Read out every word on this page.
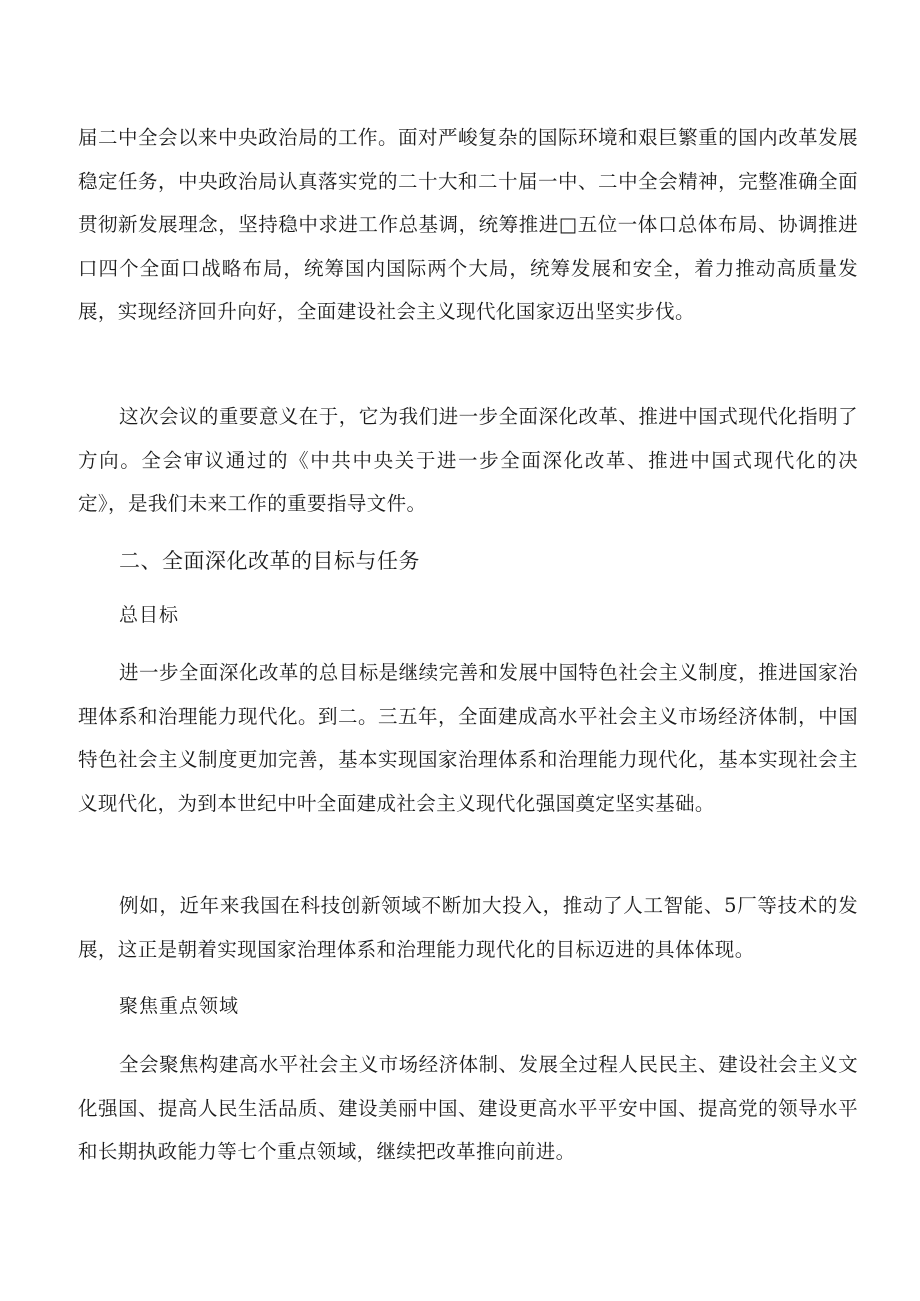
届二中全会以来中央政治局的工作。面对严峻复杂的国际环境和艰巨繁重的国内改革发展稳定任务，中央政治局认真落实党的二十大和二十届一中、二中全会精神，完整准确全面贯彻新发展理念，坚持稳中求进工作总基调，统筹推进□五位一体口总体布局、协调推进口四个全面口战略布局，统筹国内国际两个大局，统筹发展和安全，着力推动高质量发展，实现经济回升向好，全面建设社会主义现代化国家迈出坚实步伐。

这次会议的重要意义在于，它为我们进一步全面深化改革、推进中国式现代化指明了方向。全会审议通过的《中共中央关于进一步全面深化改革、推进中国式现代化的决定》，是我们未来工作的重要指导文件。

二、全面深化改革的目标与任务
总目标

进一步全面深化改革的总目标是继续完善和发展中国特色社会主义制度，推进国家治理体系和治理能力现代化。到二。三五年，全面建成高水平社会主义市场经济体制，中国特色社会主义制度更加完善，基本实现国家治理体系和治理能力现代化，基本实现社会主义现代化，为到本世纪中叶全面建成社会主义现代化强国奠定坚实基础。

例如，近年来我国在科技创新领域不断加大投入，推动了人工智能、5厂等技术的发展，这正是朝着实现国家治理体系和治理能力现代化的目标迈进的具体体现。

聚焦重点领域

全会聚焦构建高水平社会主义市场经济体制、发展全过程人民民主、建设社会主义文化强国、提高人民生活品质、建设美丽中国、建设更高水平平安中国、提高党的领导水平和长期执政能力等七个重点领域，继续把改革推向前进。
